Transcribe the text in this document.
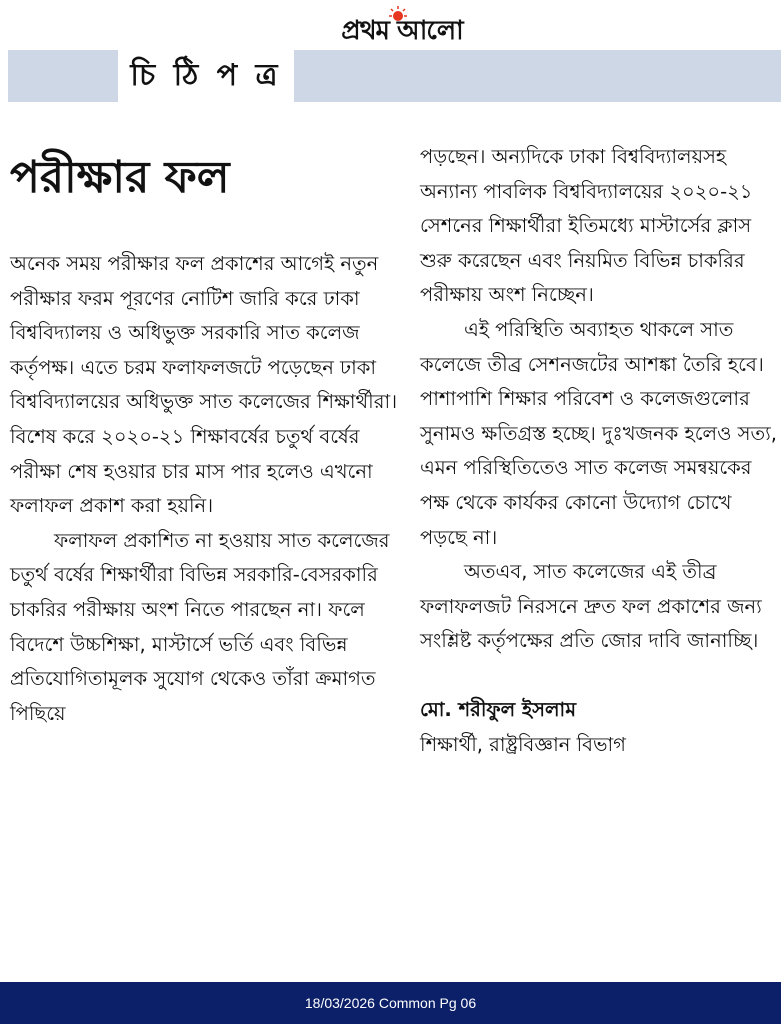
প্রথম আলো
চি ঠি প ত্র
পরীক্ষার ফল

অনেক সময় পরীক্ষার ফল প্রকাশের আগেই নতুন পরীক্ষার ফরম পূরণের নোটিশ জারি করে ঢাকা বিশ্ববিদ্যালয় ও অধিভুক্ত সরকারি সাত কলেজ কর্তৃপক্ষ। এতে চরম ফলাফলজটে পড়েছেন ঢাকা বিশ্ববিদ্যালয়ের অধিভুক্ত সাত কলেজের শিক্ষার্থীরা। বিশেষ করে ২০২০-২১ শিক্ষাবর্ষের চতুর্থ বর্ষের পরীক্ষা শেষ হওয়ার চার মাস পার হলেও এখনো ফলাফল প্রকাশ করা হয়নি।

ফলাফল প্রকাশিত না হওয়ায় সাত কলেজের চতুর্থ বর্ষের শিক্ষার্থীরা বিভিন্ন সরকারি-বেসরকারি চাকরির পরীক্ষায় অংশ নিতে পারছেন না। ফলে বিদেশে উচ্চশিক্ষা, মাস্টার্সে ভর্তি এবং বিভিন্ন প্রতিযোগিতামূলক সুযোগ থেকেও তাঁরা ক্রমাগত পিছিয়ে

পড়ছেন। অন্যদিকে ঢাকা বিশ্ববিদ্যালয়সহ অন্যান্য পাবলিক বিশ্ববিদ্যালয়ের ২০২০-২১ সেশনের শিক্ষার্থীরা ইতিমধ্যে মাস্টার্সের ক্লাস শুরু করেছেন এবং নিয়মিত বিভিন্ন চাকরির পরীক্ষায় অংশ নিচ্ছেন।

এই পরিস্থিতি অব্যাহত থাকলে সাত কলেজে তীব্র সেশনজটের আশঙ্কা তৈরি হবে। পাশাপাশি শিক্ষার পরিবেশ ও কলেজগুলোর সুনামও ক্ষতিগ্রস্ত হচ্ছে। দুঃখজনক হলেও সত্য, এমন পরিস্থিতিতেও সাত কলেজ সমন্বয়কের পক্ষ থেকে কার্যকর কোনো উদ্যোগ চোখে পড়ছে না।

অতএব, সাত কলেজের এই তীব্র ফলাফলজট নিরসনে দ্রুত ফল প্রকাশের জন্য সংশ্লিষ্ট কর্তৃপক্ষের প্রতি জোর দাবি জানাচ্ছি।

মো. শরীফুল ইসলাম

শিক্ষার্থী, রাষ্ট্রবিজ্ঞান বিভাগ

18/03/2026 Common Pg 06
